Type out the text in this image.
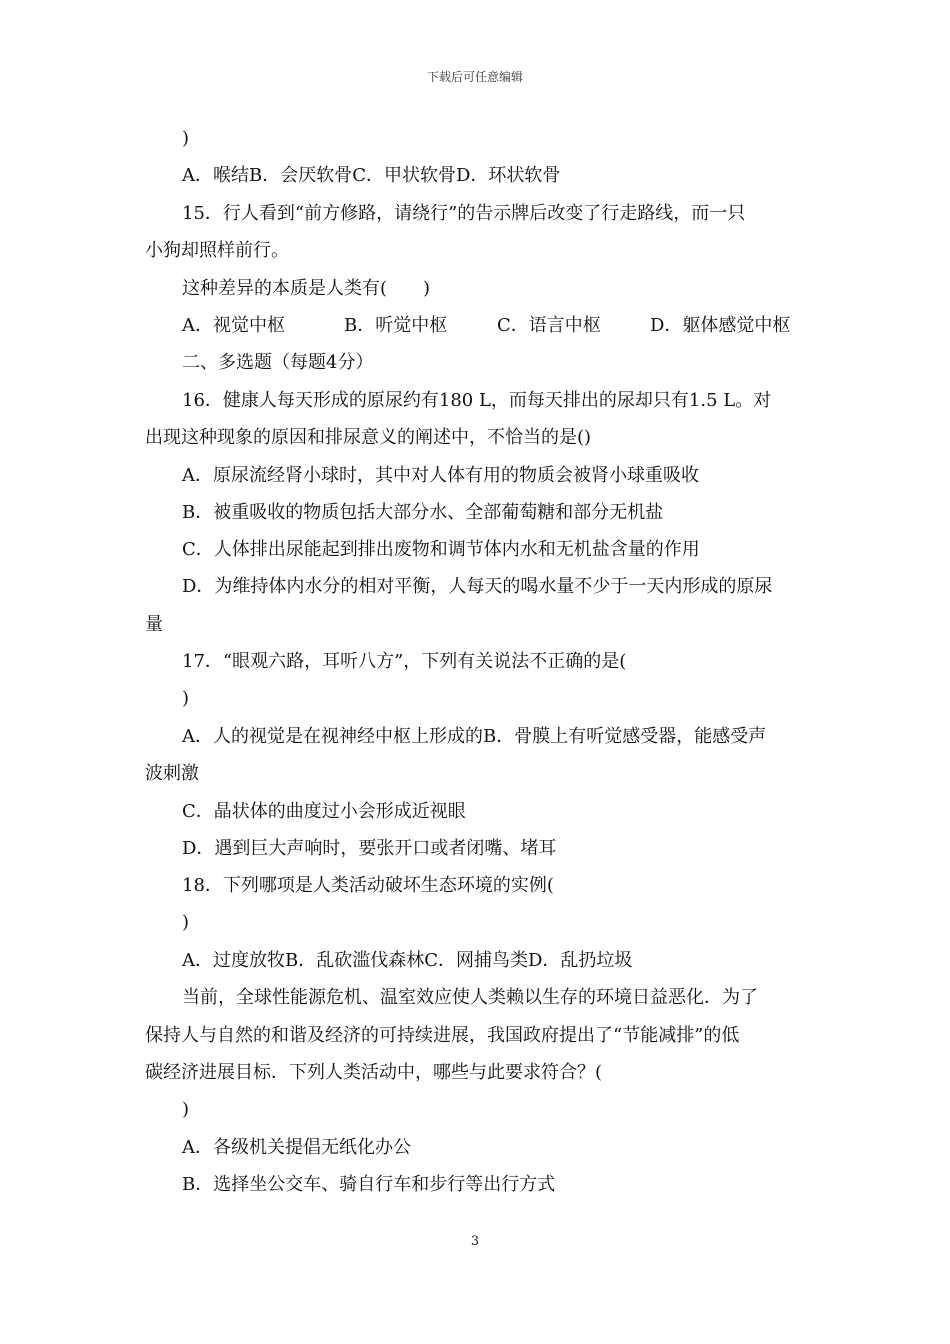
下载后可任意编辑
)
A．喉结B．会厌软骨C．甲状软骨D．环状软骨
15．行人看到“前方修路，请绕行”的告示牌后改变了行走路线，而一只
小狗却照样前行。
这种差异的本质是人类有(　　)
A．视觉中枢	B．听觉中枢	C．语言中枢	D．躯体感觉中枢
二、多选题（每题4分）
16．健康人每天形成的原尿约有180 L，而每天排出的尿却只有1.5 L。对
出现这种现象的原因和排尿意义的阐述中，不恰当的是()
A．原尿流经肾小球时，其中对人体有用的物质会被肾小球重吸收
B．被重吸收的物质包括大部分水、全部葡萄糖和部分无机盐
C．人体排出尿能起到排出废物和调节体内水和无机盐含量的作用
D．为维持体内水分的相对平衡，人每天的喝水量不少于一天内形成的原尿
量
17．“眼观六路，耳听八方”，下列有关说法不正确的是(
)
A．人的视觉是在视神经中枢上形成的B．骨膜上有听觉感受器，能感受声
波刺激
C．晶状体的曲度过小会形成近视眼
D．遇到巨大声响时，要张开口或者闭嘴、堵耳
18．下列哪项是人类活动破坏生态环境的实例(
)
A．过度放牧B．乱砍滥伐森林C．网捕鸟类D．乱扔垃圾
当前，全球性能源危机、温室效应使人类赖以生存的环境日益恶化．为了
保持人与自然的和谐及经济的可持续进展，我国政府提出了“节能减排”的低
碳经济进展目标．下列人类活动中，哪些与此要求符合？(
)
A．各级机关提倡无纸化办公
B．选择坐公交车、骑自行车和步行等出行方式
3
